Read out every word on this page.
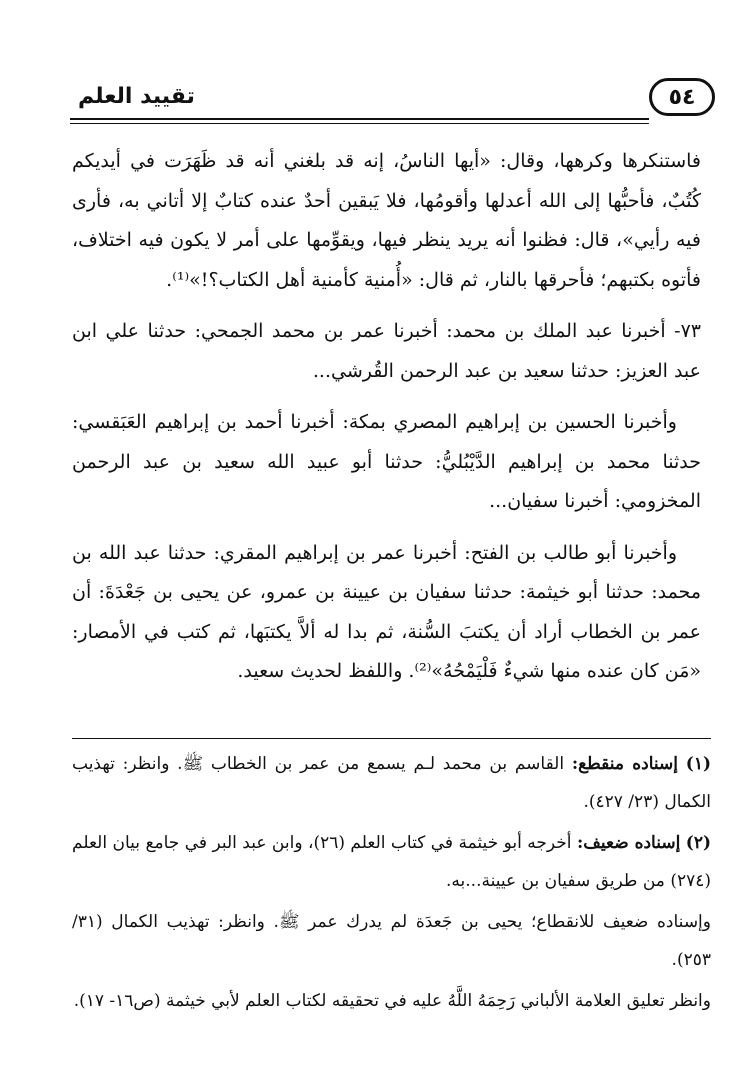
تقييد العلم	٥٤

فاستنكرها وكرهها، وقال: «أيها الناسُ، إنه قد بلغني أنه قد ظَهَرَت في أيديكم كُتُبٌ، فأحبُّها إلى الله أعدلها وأقومُها، فلا يَبقين أحدٌ عنده كتابٌ إلا أتاني به، فأرى فيه رأيي»، قال: فظنوا أنه يريد ينظر فيها، ويقوِّمها على أمر لا يكون فيه اختلاف، فأتوه بكتبهم؛ فأحرقها بالنار، ثم قال: «أُمنية كأمنية أهل الكتاب؟!»⁽¹⁾.

٧٣- أخبرنا عبد الملك بن محمد: أخبرنا عمر بن محمد الجمحي: حدثنا علي ابن عبد العزيز: حدثنا سعيد بن عبد الرحمن القُرشي...

وأخبرنا الحسين بن إبراهيم المصري بمكة: أخبرنا أحمد بن إبراهيم العَبَقسي: حدثنا محمد بن إبراهيم الدَّيْبُليُّ: حدثنا أبو عبيد الله سعيد بن عبد الرحمن المخزومي: أخبرنا سفيان...

وأخبرنا أبو طالب بن الفتح: أخبرنا عمر بن إبراهيم المقري: حدثنا عبد الله بن محمد: حدثنا أبو خيثمة: حدثنا سفيان بن عيينة بن عمرو، عن يحيى بن جَعْدَةَ: أن عمر بن الخطاب أراد أن يكتبَ السُّنة، ثم بدا له ألاَّ يكتبَها، ثم كتب في الأمصار: «مَن كان عنده منها شيءٌ فَلْيَمْحُهُ»⁽²⁾. واللفظ لحديث سعيد.

(١) إسناده منقطع: القاسم بن محمد لـم يسمع من عمر بن الخطاب ﷺ. وانظر: تهذيب الكمال (٢٣/ ٤٢٧).

(٢) إسناده ضعيف: أخرجه أبو خيثمة في كتاب العلم (٢٦)، وابن عبد البر في جامع بيان العلم (٢٧٤) من طريق سفيان بن عيينة...به.

وإسناده ضعيف للانقطاع؛ يحيى بن جَعدَة لم يدرك عمر ﷺ. وانظر: تهذيب الكمال (٣١/ ٢٥٣).

وانظر تعليق العلامة الألباني رَحِمَهُ اللَّهُ عليه في تحقيقه لكتاب العلم لأبي خيثمة (ص١٦- ١٧).
